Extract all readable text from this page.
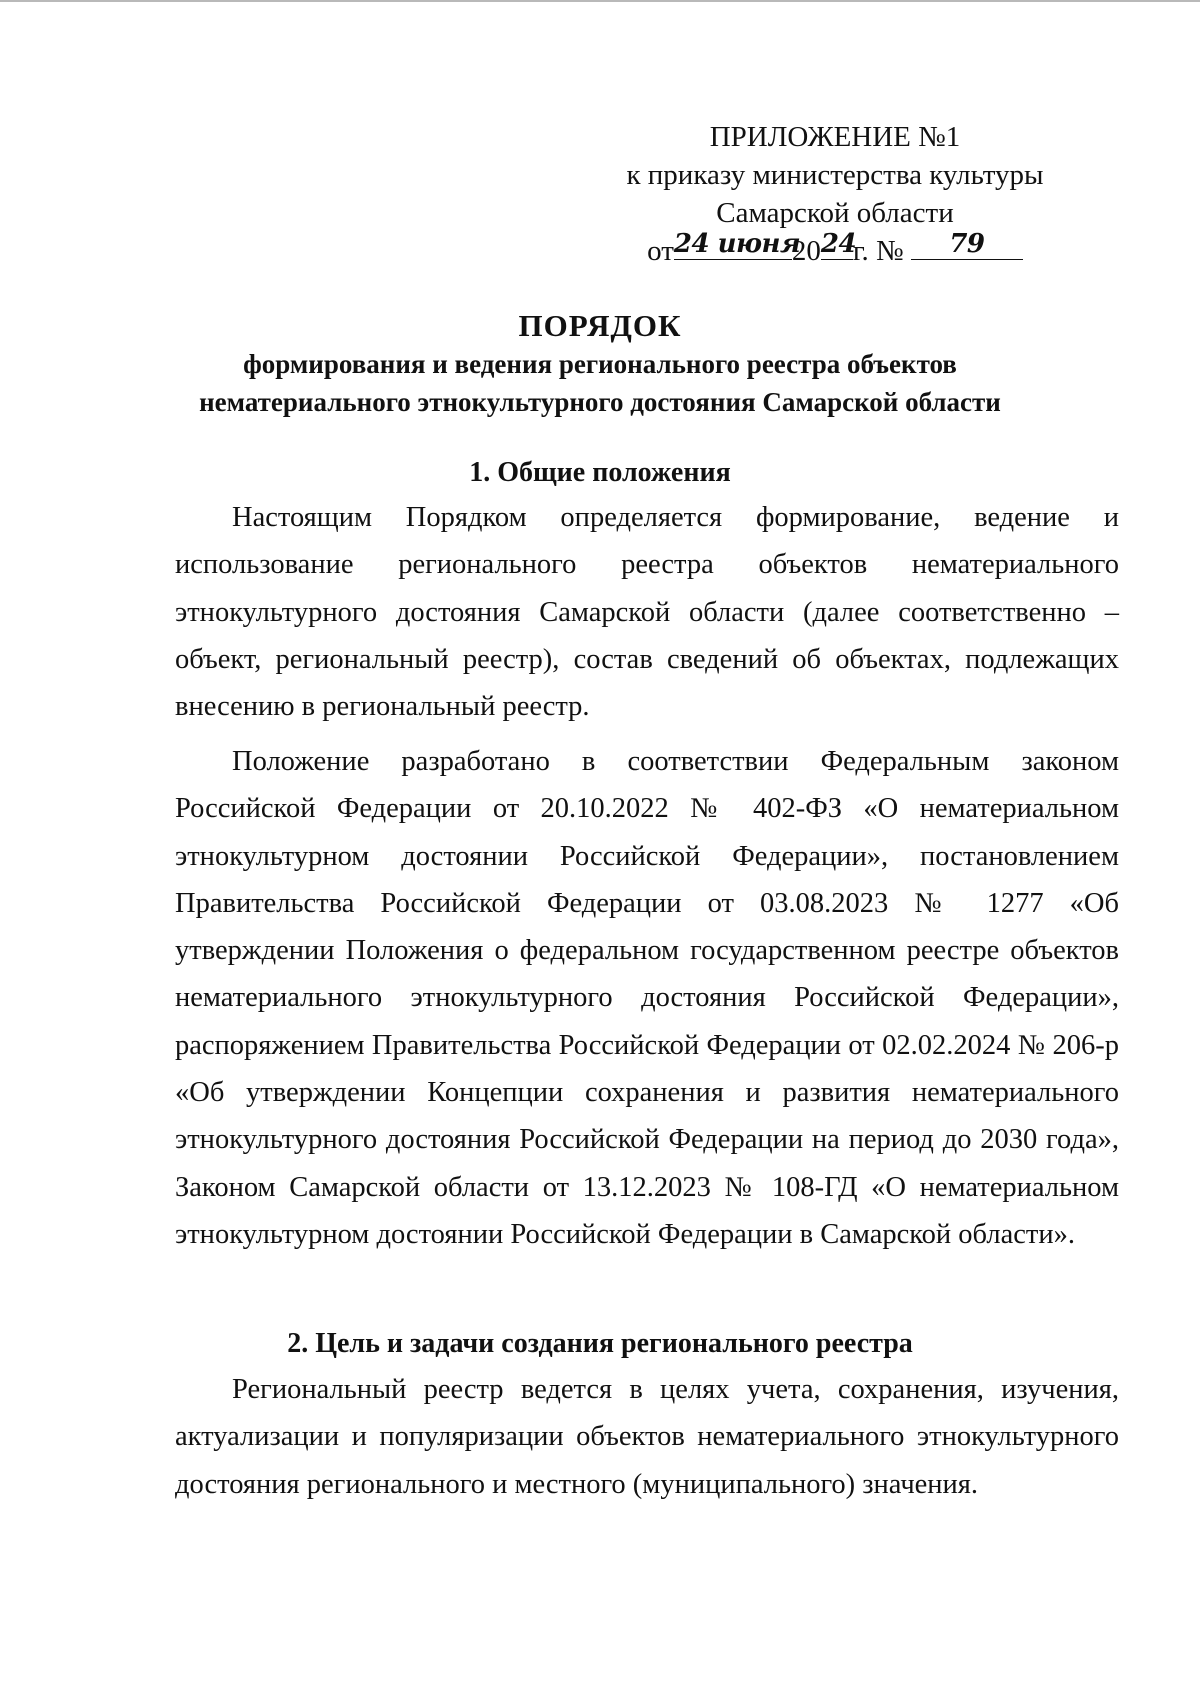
ПРИЛОЖЕНИЕ №1
к приказу министерства культуры
Самарской области
от 24 июня
20 24
г. №	79
ПОРЯДОК
формирования и ведения регионального реестра объектов
нематериального этнокультурного достояния Самарской области
1. Общие положения
Настоящим Порядком определяется формирование, ведение и использование регионального реестра объектов нематериального этнокультурного достояния Самарской области (далее соответственно – объект, региональный реестр), состав сведений об объектах, подлежащих внесению в региональный реестр.
Положение разработано в соответствии Федеральным законом Российской Федерации от 20.10.2022 № 402-ФЗ «О нематериальном этнокультурном достоянии Российской Федерации», постановлением Правительства Российской Федерации от 03.08.2023 № 1277 «Об утверждении Положения о федеральном государственном реестре объектов нематериального этнокультурного достояния Российской Федерации», распоряжением Правительства Российской Федерации от 02.02.2024 № 206-р «Об утверждении Концепции сохранения и развития нематериального этнокультурного достояния Российской Федерации на период до 2030 года», Законом Самарской области от 13.12.2023 № 108-ГД «О нематериальном этнокультурном достоянии Российской Федерации в Самарской области».
2. Цель и задачи создания регионального реестра
Региональный реестр ведется в целях учета, сохранения, изучения, актуализации и популяризации объектов нематериального этнокультурного достояния регионального и местного (муниципального) значения.
